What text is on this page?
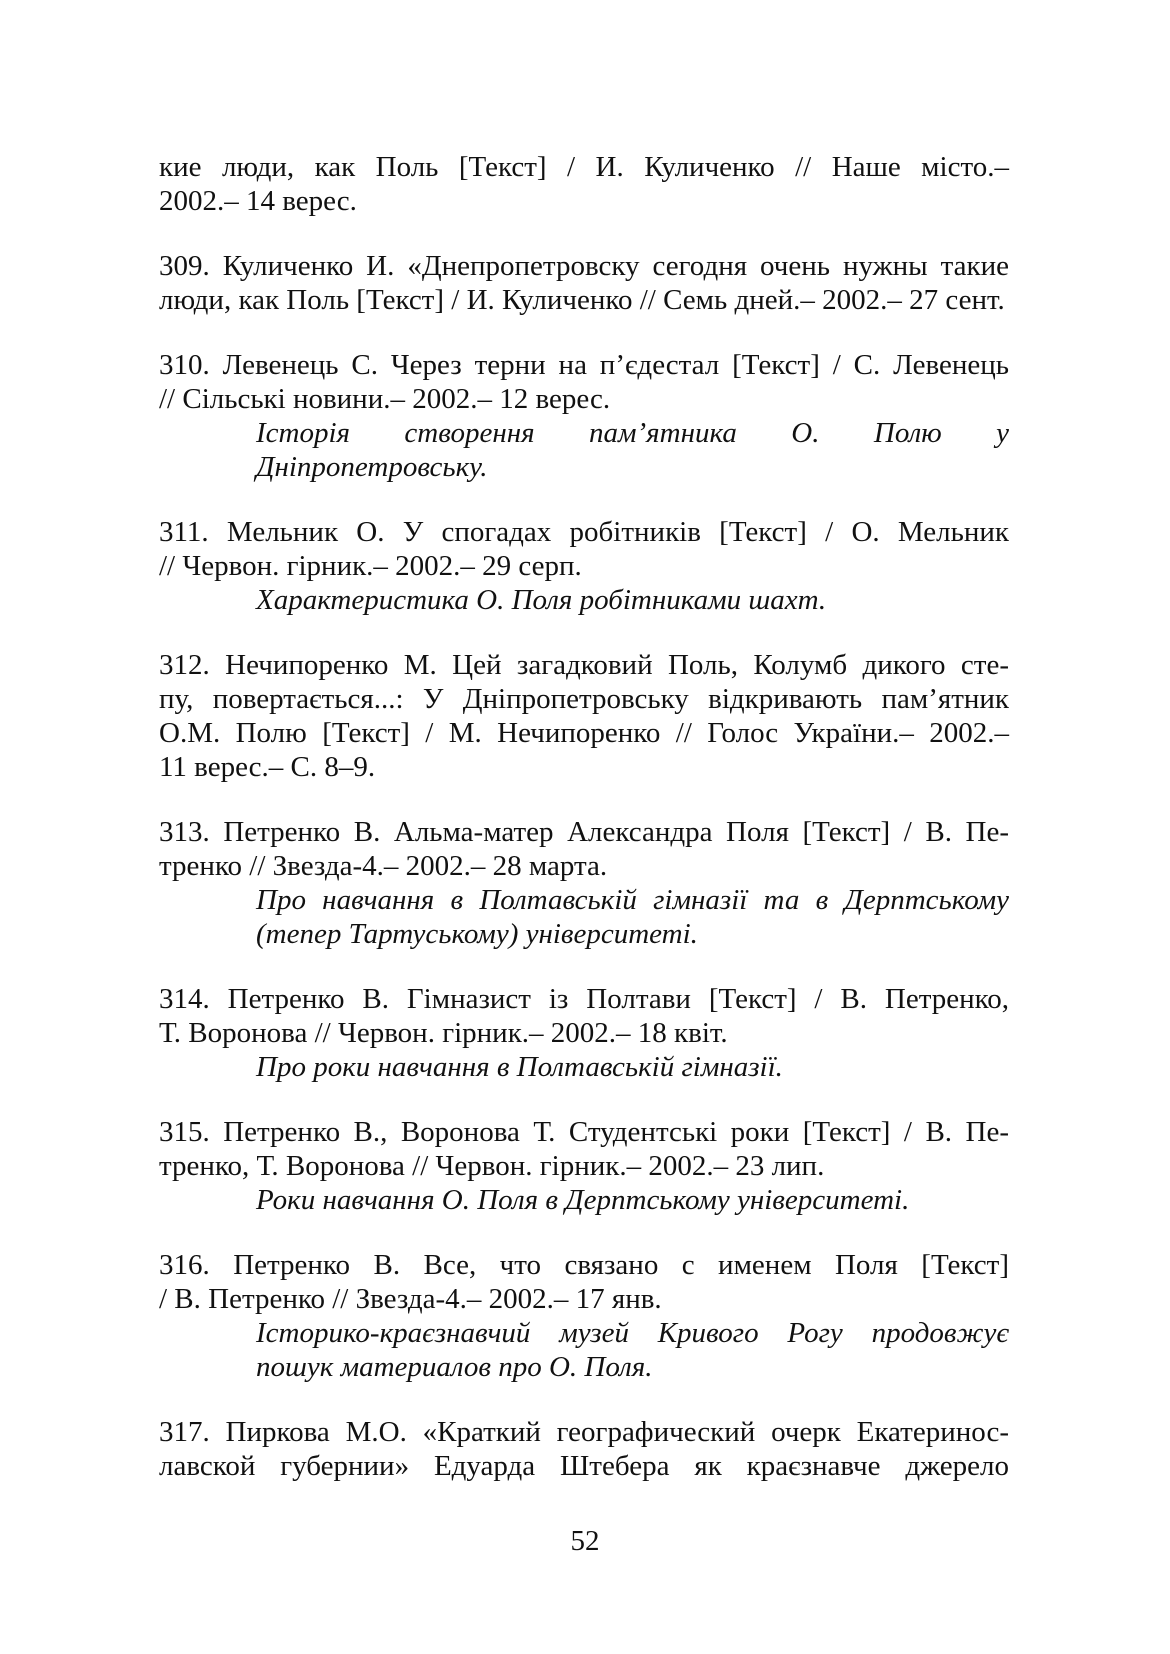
кие люди, как Поль [Текст] / И. Куличенко // Наше місто.–
2002.– 14 верес.
309. Куличенко И. «Днепропетровску сегодня очень нужны такие
люди, как Поль [Текст] / И. Куличенко // Семь дней.– 2002.– 27 сент.
310. Левенець С. Через терни на п’єдестал [Текст] / С. Левенець
// Сільські новини.– 2002.– 12 верес.
Історія створення пам’ятника О. Полю у Дніпропетровську.
311. Мельник О. У спогадах робітників [Текст] / О. Мельник
// Червон. гірник.– 2002.– 29 серп.
Характеристика О. Поля робітниками шахт.
312. Нечипоренко М. Цей загадковий Поль, Колумб дикого сте-
пу, повертається...: У Дніпропетровську відкривають пам’ятник
О.М. Полю [Текст] / М. Нечипоренко // Голос України.– 2002.–
11 верес.– С. 8–9.
313. Петренко В. Альма-матер Александра Поля [Текст] / В. Пе-
тренко // Звезда-4.– 2002.– 28 марта.
Про навчання в Полтавській гімназії та в Дерптському
(тепер Тартуському) університеті.
314. Петренко В. Гімназист із Полтави [Текст] / В. Петренко,
Т. Воронова // Червон. гірник.– 2002.– 18 квіт.
Про роки навчання в Полтавській гімназії.
315. Петренко В., Воронова Т. Студентські роки [Текст] / В. Пе-
тренко, Т. Воронова // Червон. гірник.– 2002.– 23 лип.
Роки навчання О. Поля в Дерптському університеті.
316. Петренко В. Все, что связано с именем Поля [Текст]
/ В. Петренко // Звезда-4.– 2002.– 17 янв.
Історико-краєзнавчий музей Кривого Рогу продовжує
пошук материалов про О. Поля.
317. Пиркова М.О. «Краткий географический очерк Екатеринос-
лавской губернии» Едуарда Штебера як краєзнавче джерело
52
